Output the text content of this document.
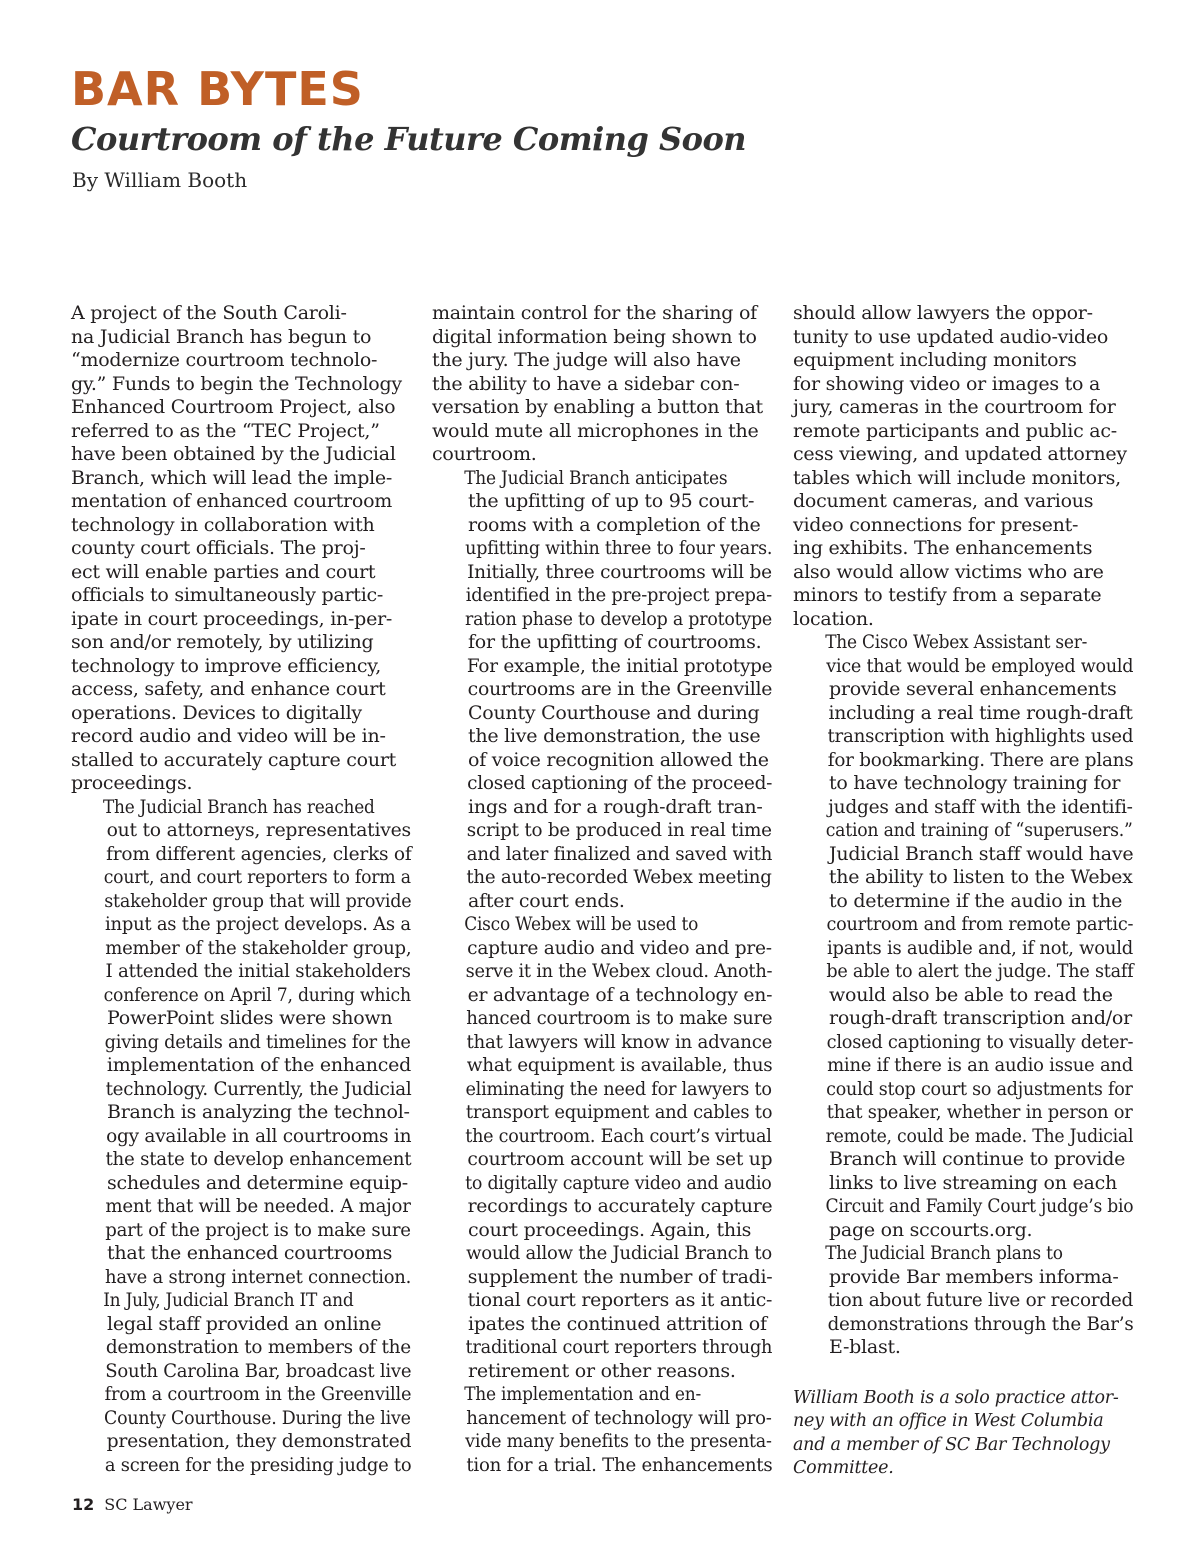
BAR BYTES
Courtroom of the Future Coming Soon
By William Booth

A project of the South Caroli-
na Judicial Branch has begun to
“modernize courtroom technolo-
gy.” Funds to begin the Technology
Enhanced Courtroom Project, also
referred to as the “TEC Project,”
have been obtained by the Judicial
Branch, which will lead the imple-
mentation of enhanced courtroom
technology in collaboration with
county court officials. The proj-
ect will enable parties and court
officials to simultaneously partic-
ipate in court proceedings, in-per-
son and/or remotely, by utilizing
technology to improve efficiency,
access, safety, and enhance court
operations. Devices to digitally
record audio and video will be in-
stalled to accurately capture court
proceedings.

The Judicial Branch has reached
out to attorneys, representatives
from different agencies, clerks of
court, and court reporters to form a
stakeholder group that will provide
input as the project develops. As a
member of the stakeholder group,
I attended the initial stakeholders
conference on April 7, during which
PowerPoint slides were shown
giving details and timelines for the
implementation of the enhanced
technology. Currently, the Judicial
Branch is analyzing the technol-
ogy available in all courtrooms in
the state to develop enhancement
schedules and determine equip-
ment that will be needed. A major
part of the project is to make sure
that the enhanced courtrooms
have a strong internet connection.

In July, Judicial Branch IT and
legal staff provided an online
demonstration to members of the
South Carolina Bar, broadcast live
from a courtroom in the Greenville
County Courthouse. During the live
presentation, they demonstrated
a screen for the presiding judge to

maintain control for the sharing of
digital information being shown to
the jury. The judge will also have
the ability to have a sidebar con-
versation by enabling a button that
would mute all microphones in the
courtroom.

The Judicial Branch anticipates
the upfitting of up to 95 court-
rooms with a completion of the
upfitting within three to four years.
Initially, three courtrooms will be
identified in the pre-project prepa-
ration phase to develop a prototype
for the upfitting of courtrooms.
For example, the initial prototype
courtrooms are in the Greenville
County Courthouse and during
the live demonstration, the use
of voice recognition allowed the
closed captioning of the proceed-
ings and for a rough-draft tran-
script to be produced in real time
and later finalized and saved with
the auto-recorded Webex meeting
after court ends.

Cisco Webex will be used to
capture audio and video and pre-
serve it in the Webex cloud. Anoth-
er advantage of a technology en-
hanced courtroom is to make sure
that lawyers will know in advance
what equipment is available, thus
eliminating the need for lawyers to
transport equipment and cables to
the courtroom. Each court’s virtual
courtroom account will be set up
to digitally capture video and audio
recordings to accurately capture
court proceedings. Again, this
would allow the Judicial Branch to
supplement the number of tradi-
tional court reporters as it antic-
ipates the continued attrition of
traditional court reporters through
retirement or other reasons.

The implementation and en-
hancement of technology will pro-
vide many benefits to the presenta-
tion for a trial. The enhancements

should allow lawyers the oppor-
tunity to use updated audio-video
equipment including monitors
for showing video or images to a
jury, cameras in the courtroom for
remote participants and public ac-
cess viewing, and updated attorney
tables which will include monitors,
document cameras, and various
video connections for present-
ing exhibits. The enhancements
also would allow victims who are
minors to testify from a separate
location.

The Cisco Webex Assistant ser-
vice that would be employed would
provide several enhancements
including a real time rough-draft
transcription with highlights used
for bookmarking. There are plans
to have technology training for
judges and staff with the identifi-
cation and training of “superusers.”
Judicial Branch staff would have
the ability to listen to the Webex
to determine if the audio in the
courtroom and from remote partic-
ipants is audible and, if not, would
be able to alert the judge. The staff
would also be able to read the
rough-draft transcription and/or
closed captioning to visually deter-
mine if there is an audio issue and
could stop court so adjustments for
that speaker, whether in person or
remote, could be made. The Judicial
Branch will continue to provide
links to live streaming on each
Circuit and Family Court judge’s bio
page on sccourts.org.

The Judicial Branch plans to
provide Bar members informa-
tion about future live or recorded
demonstrations through the Bar’s
E-blast.

William Booth is a solo practice attor-
ney with an office in West Columbia
and a member of SC Bar Technology
Committee.

12 SC Lawyer
